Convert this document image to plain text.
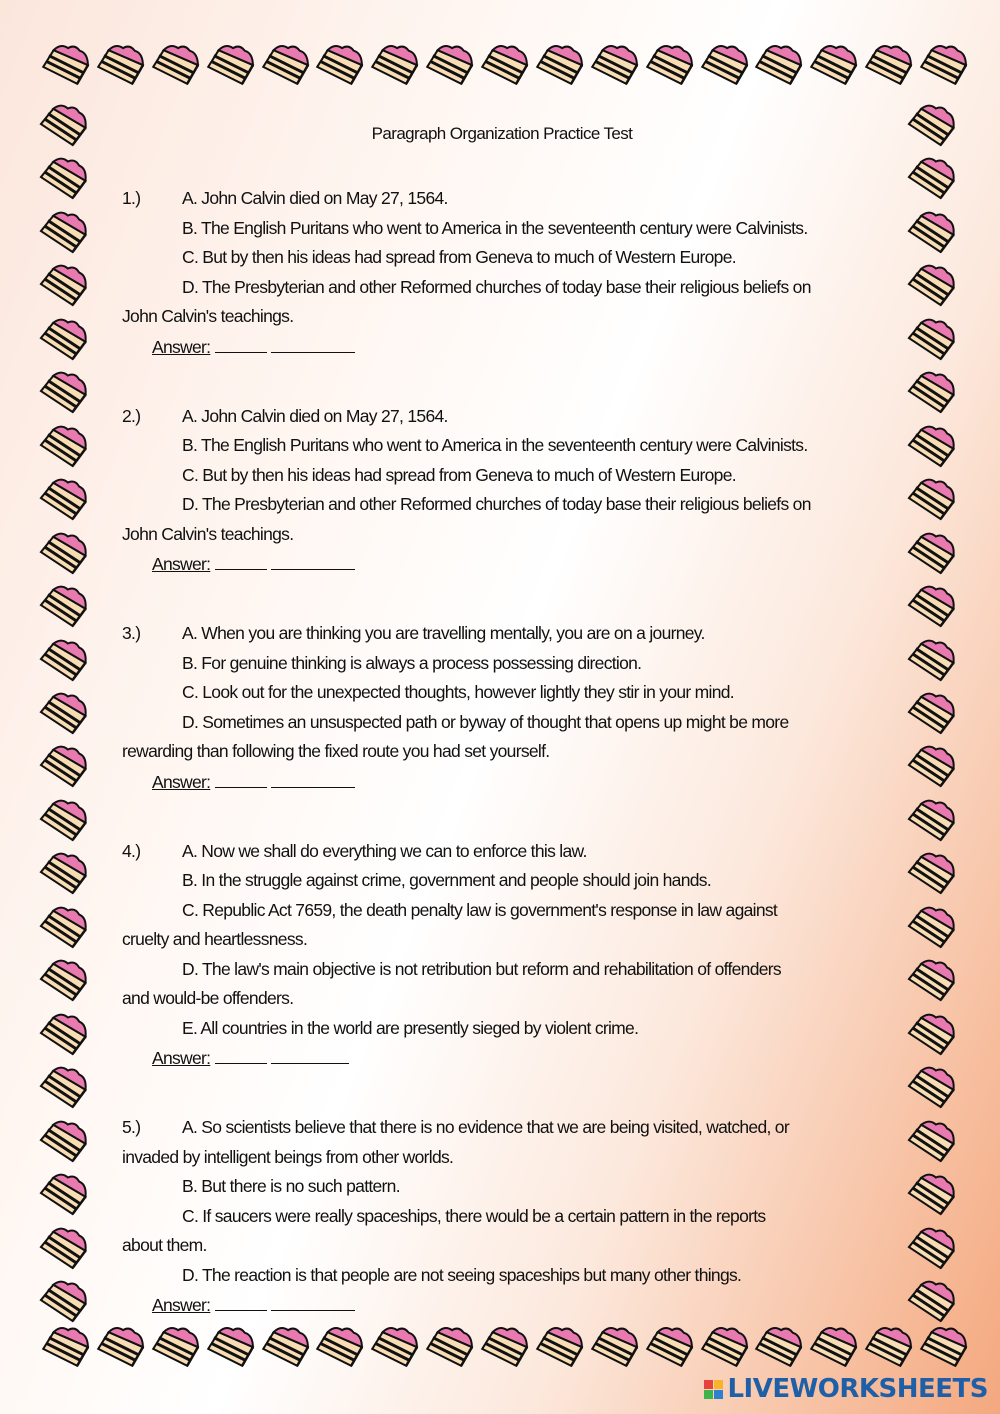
Paragraph Organization Practice Test
1.) A. John Calvin died on May 27, 1564.
B. The English Puritans who went to America in the seventeenth century were Calvinists.
C. But by then his ideas had spread from Geneva to much of Western Europe.
D. The Presbyterian and other Reformed churches of today base their religious beliefs on
John Calvin's teachings.
Answer:
2.) A. John Calvin died on May 27, 1564.
B. The English Puritans who went to America in the seventeenth century were Calvinists.
C. But by then his ideas had spread from Geneva to much of Western Europe.
D. The Presbyterian and other Reformed churches of today base their religious beliefs on
John Calvin's teachings.
Answer:
3.) A. When you are thinking you are travelling mentally, you are on a journey.
B. For genuine thinking is always a process possessing direction.
C. Look out for the unexpected thoughts, however lightly they stir in your mind.
D. Sometimes an unsuspected path or byway of thought that opens up might be more
rewarding than following the fixed route you had set yourself.
Answer:
4.) A. Now we shall do everything we can to enforce this law.
B. In the struggle against crime, government and people should join hands.
C. Republic Act 7659, the death penalty law is government's response in law against
cruelty and heartlessness.
D. The law's main objective is not retribution but reform and rehabilitation of offenders
and would-be offenders.
E. All countries in the world are presently sieged by violent crime.
Answer:
5.) A. So scientists believe that there is no evidence that we are being visited, watched, or
invaded by intelligent beings from other worlds.
B. But there is no such pattern.
C. If saucers were really spaceships, there would be a certain pattern in the reports
about them.
D. The reaction is that people are not seeing spaceships but many other things.
Answer:
LIVEWORKSHEETS
